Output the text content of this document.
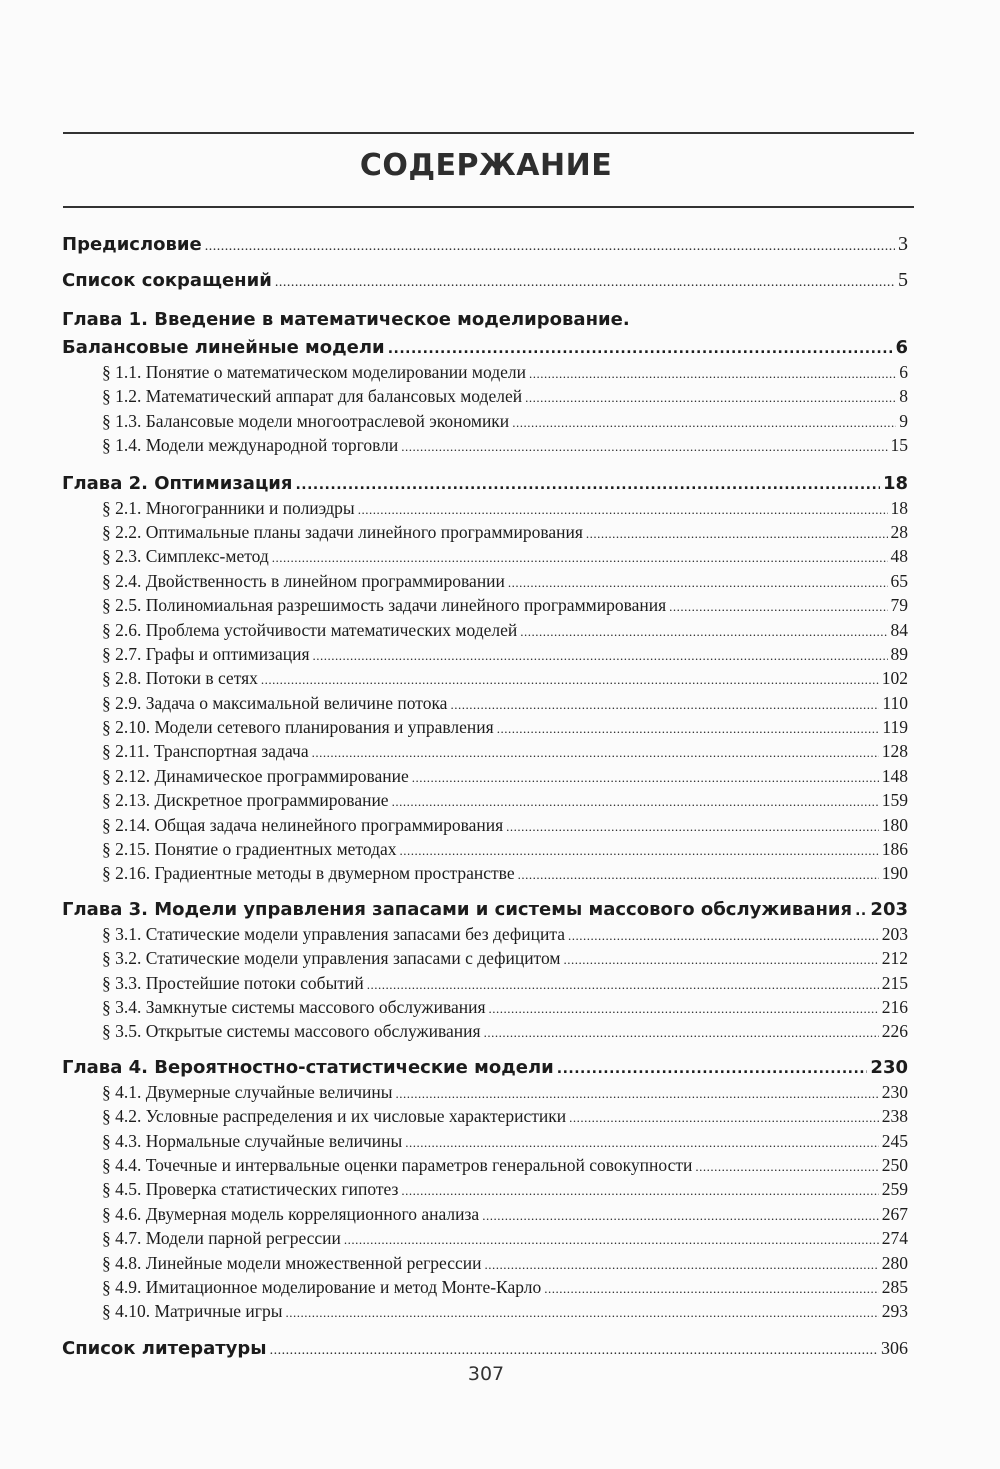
СОДЕРЖАНИЕ
Предисловие .....	3
Список сокращений .....	5
Глава 1. Введение в математическое моделирование.
Балансовые линейные модели .....	6
§ 1.1. Понятие о математическом моделировании модели .....	6
§ 1.2. Математический аппарат для балансовых моделей .....	8
§ 1.3. Балансовые модели многоотраслевой экономики .....	9
§ 1.4. Модели международной торговли .....	15
Глава 2. Оптимизация .....	18
§ 2.1. Многогранники и полиэдры .....	18
§ 2.2. Оптимальные планы задачи линейного программирования .....	28
§ 2.3. Симплекс-метод .....	48
§ 2.4. Двойственность в линейном программировании .....	65
§ 2.5. Полиномиальная разрешимость задачи линейного программирования .....	79
§ 2.6. Проблема устойчивости математических моделей .....	84
§ 2.7. Графы и оптимизация .....	89
§ 2.8. Потоки в сетях .....	102
§ 2.9. Задача о максимальной величине потока .....	110
§ 2.10. Модели сетевого планирования и управления .....	119
§ 2.11. Транспортная задача .....	128
§ 2.12. Динамическое программирование .....	148
§ 2.13. Дискретное программирование .....	159
§ 2.14. Общая задача нелинейного программирования .....	180
§ 2.15. Понятие о градиентных методах .....	186
§ 2.16. Градиентные методы в двумерном пространстве .....	190
Глава 3. Модели управления запасами и системы массового обслуживания ..... 203
§ 3.1. Статические модели управления запасами без дефицита .....	203
§ 3.2. Статические модели управления запасами с дефицитом .....	212
§ 3.3. Простейшие потоки событий .....	215
§ 3.4. Замкнутые системы массового обслуживания .....	216
§ 3.5. Открытые системы массового обслуживания .....	226
Глава 4. Вероятностно-статистические модели .....	230
§ 4.1. Двумерные случайные величины .....	230
§ 4.2. Условные распределения и их числовые характеристики .....	238
§ 4.3. Нормальные случайные величины .....	245
§ 4.4. Точечные и интервальные оценки параметров генеральной совокупности .....	250
§ 4.5. Проверка статистических гипотез .....	259
§ 4.6. Двумерная модель корреляционного анализа .....	267
§ 4.7. Модели парной регрессии .....	274
§ 4.8. Линейные модели множественной регрессии .....	280
§ 4.9. Имитационное моделирование и метод Монте-Карло .....	285
§ 4.10. Матричные игры .....	293
Список литературы .....	306
307
